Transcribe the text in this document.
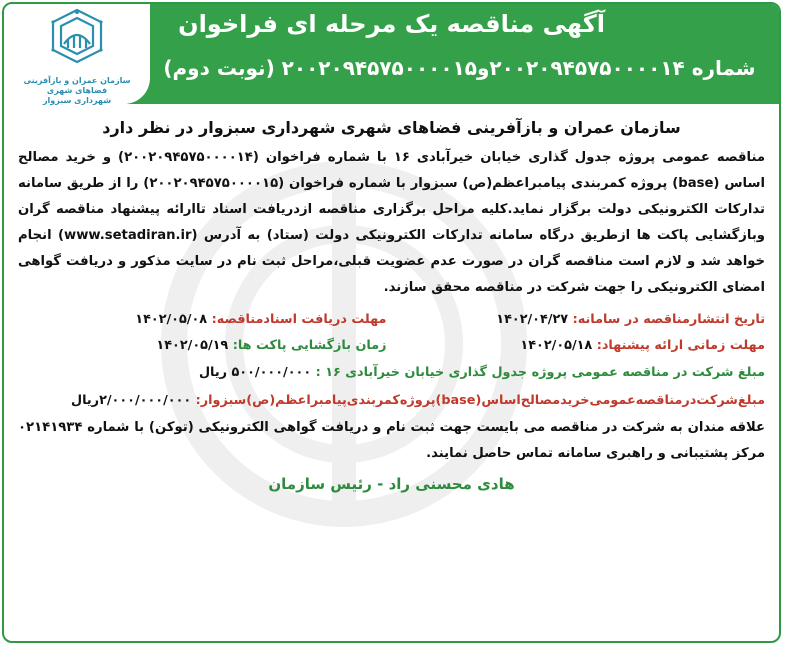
سازمان عمران و بازآفرینی فضاهای شهری
شهرداری سبزوار
آگهی مناقصه یک مرحله ای فراخوان
شماره ۲۰۰۲۰۹۴۵۷۵۰۰۰۰۱۴و۲۰۰۲۰۹۴۵۷۵۰۰۰۰۱۵ (نوبت دوم)
سازمان عمران و بازآفرینی فضاهای شهری شهرداری سبزوار در نظر دارد

مناقصه عمومی پروژه جدول گذاری خیابان خیرآبادی ۱۶ با شماره فراخوان (۲۰۰۲۰۹۴۵۷۵۰۰۰۰۱۴) و خرید مصالح اساس (base) پروژه کمربندی پیامبراعظم(ص) سبزوار با شماره فراخوان (۲۰۰۲۰۹۴۵۷۵۰۰۰۰۱۵) را از طریق سامانه تدارکات الکترونیکی دولت برگزار نماید.کلیه مراحل برگزاری مناقصه ازدریافت اسناد تاارائه پیشنهاد مناقصه گران وبازگشایی پاکت ها ازطریق درگاه سامانه تدارکات الکترونیکی دولت (ستاد) به آدرس (www.setadiran.ir) انجام خواهد شد و لازم است مناقصه گران در صورت عدم عضویت قبلی،مراحل ثبت نام در سایت مذکور و دریافت گواهی امضای الکترونیکی را جهت شرکت در مناقصه محقق سازند.

تاریخ انتشارمناقصه در سامانه: ۱۴۰۲/۰۴/۲۷
مهلت دریافت اسنادمناقصه: ۱۴۰۲/۰۵/۰۸
مهلت زمانی ارائه پیشنهاد: ۱۴۰۲/۰۵/۱۸
زمان بازگشایی پاکت ها: ۱۴۰۲/۰۵/۱۹
مبلغ شرکت در مناقصه عمومی پروژه جدول گذاری خیابان خیرآبادی ۱۶ : ۵۰۰/۰۰۰/۰۰۰ ریال
مبلغ‌شرکت‌در‌مناقصه‌عمومی‌خرید‌مصالح‌اساس(base)پروژه‌کمربندی‌پیامبراعظم(ص)سبزوار: ۲/۰۰۰/۰۰۰/۰۰۰ریال

علاقه مندان به شرکت در مناقصه می بایست جهت ثبت نام و دریافت گواهی الکترونیکی (توکن) با شماره ۰۲۱۴۱۹۳۴ مرکز پشتیبانی و راهبری سامانه تماس حاصل نمایند.

هادی محسنی راد - رئیس سازمان
